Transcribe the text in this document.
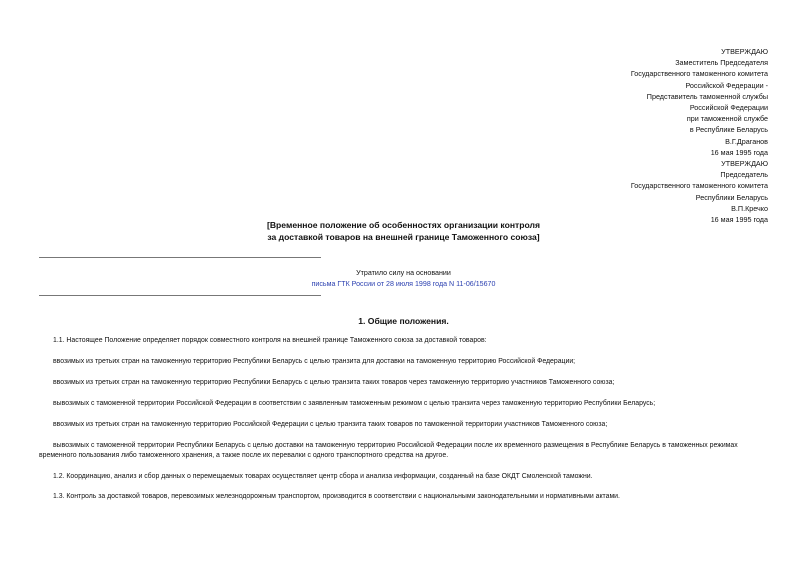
УТВЕРЖДАЮ
Заместитель Председателя
Государственного таможенного комитета
Российской Федерации -
Представитель таможенной службы
Российской Федерации
при таможенной службе
в Республике Беларусь
В.Г.Драганов
16 мая 1995 года
УТВЕРЖДАЮ
Председатель
Государственного таможенного комитета
Республики Беларусь
В.П.Кречко
16 мая 1995 года
[Временное положение об особенностях организации контроля
за доставкой товаров на внешней границе Таможенного союза]
Утратило силу на основании
письма ГТК России от 28 июля 1998 года N 11-06/15670
1. Общие положения.
1.1. Настоящее Положение определяет порядок совместного контроля на внешней границе Таможенного союза за доставкой товаров:
ввозимых из третьих стран на таможенную территорию Республики Беларусь с целью транзита для доставки на таможенную территорию Российской Федерации;
ввозимых из третьих стран на таможенную территорию Республики Беларусь с целью транзита таких товаров через таможенную территорию участников Таможенного союза;
вывозимых с таможенной территории Российской Федерации в соответствии с заявленным таможенным режимом с целью транзита через таможенную территорию Республики Беларусь;
ввозимых из третьих стран на таможенную территорию Российской Федерации с целью транзита таких товаров по таможенной территории участников Таможенного союза;
вывозимых с таможенной территории Республики Беларусь с целью доставки на таможенную территорию Российской Федерации после их временного размещения в Республике Беларусь в таможенных режимах временного пользования либо таможенного хранения, а также после их перевалки с одного транспортного средства на другое.
1.2. Координацию, анализ и сбор данных о перемещаемых товарах осуществляет центр сбора и анализа информации, созданный на базе ОКДТ Смоленской таможни.
1.3. Контроль за доставкой товаров, перевозимых железнодорожным транспортом, производится в соответствии с национальными законодательными и нормативными актами.
